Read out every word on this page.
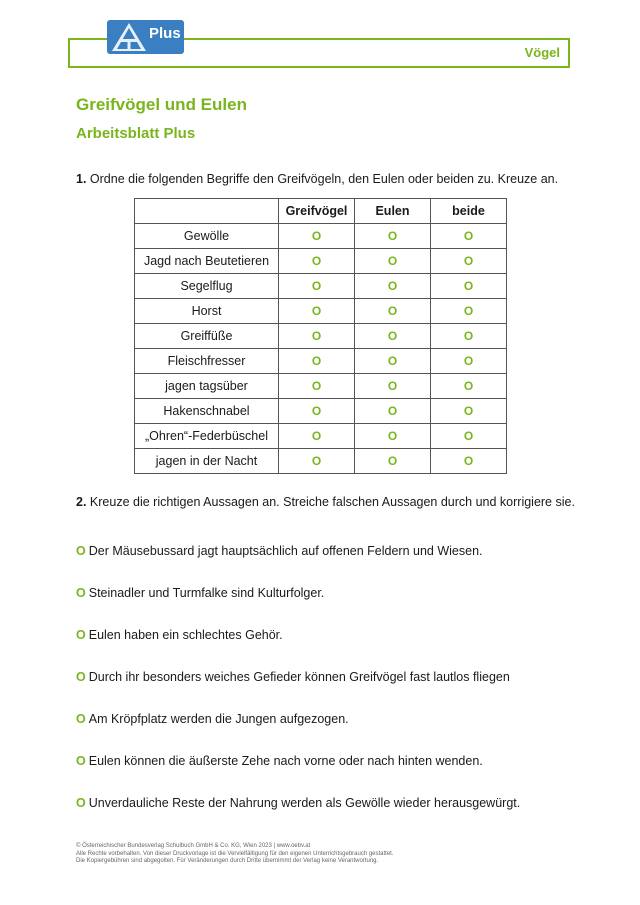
Vögel
Plus
Greifvögel und Eulen
Arbeitsblatt Plus
1. Ordne die folgenden Begriffe den Greifvögeln, den Eulen oder beiden zu. Kreuze an.
	Greifvögel	Eulen	beide
Gewölle	O	O	O
Jagd nach Beutetieren	O	O	O
Segelflug	O	O	O
Horst	O	O	O
Greiffüße	O	O	O
Fleischfresser	O	O	O
jagen tagsüber	O	O	O
Hakenschnabel	O	O	O
„Ohren“-Federbüschel	O	O	O
jagen in der Nacht	O	O	O
2. Kreuze die richtigen Aussagen an. Streiche falschen Aussagen durch und korrigiere sie.
O Der Mäusebussard jagt hauptsächlich auf offenen Feldern und Wiesen.
O Steinadler und Turmfalke sind Kulturfolger.
O Eulen haben ein schlechtes Gehör.
O Durch ihr besonders weiches Gefieder können Greifvögel fast lautlos fliegen
O Am Kröpfplatz werden die Jungen aufgezogen.
O Eulen können die äußerste Zehe nach vorne oder nach hinten wenden.
O Unverdauliche Reste der Nahrung werden als Gewölle wieder herausgewürgt.
© Österreichischer Bundesverlag Schulbuch GmbH & Co. KG, Wien 2023 | www.oebv.at
Alle Rechte vorbehalten. Von dieser Druckvorlage ist die Vervielfältigung für den eigenen Unterrichtsgebrauch gestattet.
Die Kopiergebühren sind abgegolten. Für Veränderungen durch Dritte übernimmt der Verlag keine Verantwortung.
